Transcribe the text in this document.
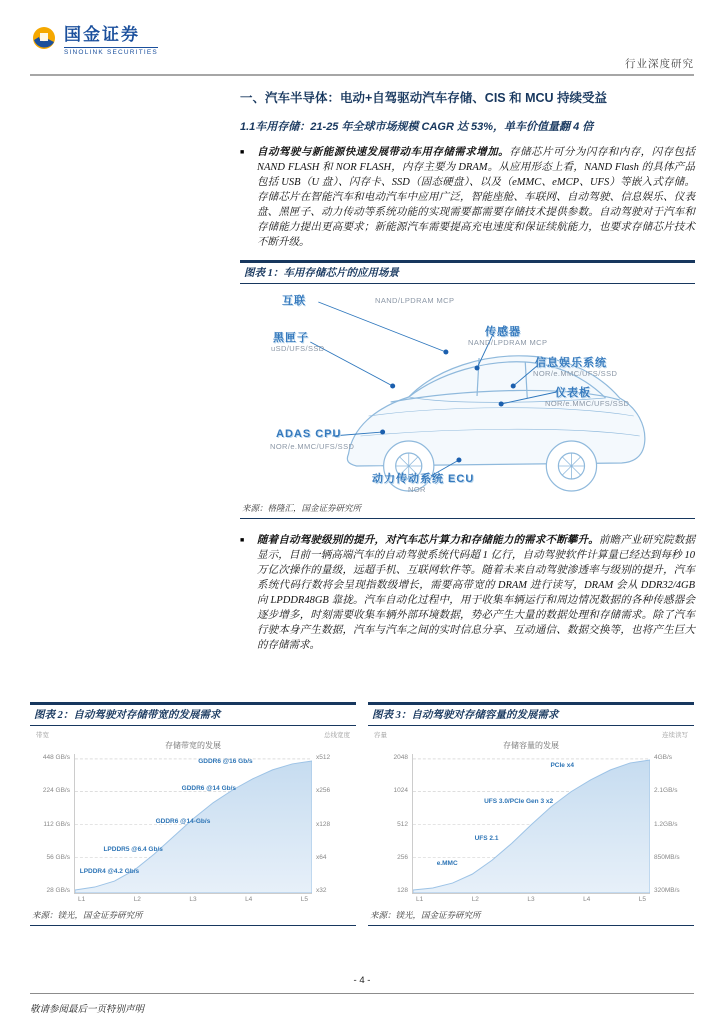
国金证券
SINOLINK SECURITIES
行业深度研究
一、汽车半导体：电动+自驾驱动汽车存储、CIS 和 MCU 持续受益
1.1车用存储：21-25 年全球市场规模 CAGR 达 53%，单车价值量翻 4 倍
■	自动驾驶与新能源快速发展带动车用存储需求增加。存储芯片可分为闪存和内存，闪存包括 NAND FLASH 和 NOR FLASH，内存主要为 DRAM。从应用形态上看，NAND Flash 的具体产品包括 USB（U 盘）、闪存卡、SSD（固态硬盘）、以及（eMMC、eMCP、UFS）等嵌入式存储。存储芯片在智能汽车和电动汽车中应用广泛，智能座舱、车联网、自动驾驶、信息娱乐、仪表盘、黑匣子、动力传动等系统功能的实现需要都需要存储技术提供参数。自动驾驶对于汽车和存储能力提出更高要求；新能源汽车需要提高充电速度和保证续航能力，也要求存储芯片技术不断升级。

图表 1：车用存储芯片的应用场景
互联	NAND/LPDRAM MCP
传感器
NAND/LPDRAM MCP
黑匣子
uSD/UFS/SSD
信息娱乐系统
NOR/e.MMC/UFS/SSD
仪表板
NOR/e.MMC/UFS/SSD
ADAS CPU
NOR/e.MMC/UFS/SSD
动力传动系统 ECU
NOR
来源：格隆汇，国金证券研究所
■	随着自动驾驶级别的提升，对汽车芯片算力和存储能力的需求不断攀升。前瞻产业研究院数据显示，目前一辆高端汽车的自动驾驶系统代码超 1 亿行，自动驾驶软件计算量已经达到每秒 10 万亿次操作的量级，远超手机、互联网软件等。随着未来自动驾驶渗透率与级别的提升，汽车系统代码行数将会呈现指数级增长，需要高带宽的 DRAM 进行读写，DRAM 会从 DDR32/4GB 向 LPDDR48GB 靠拢。汽车自动化过程中，用于收集车辆运行和周边情况数据的各种传感器会逐步增多，时刻需要收集车辆外部环境数据，势必产生大量的数据处理和存储需求。除了汽车行驶本身产生数据，汽车与汽车之间的实时信息分享、互动通信、数据交换等，也将产生巨大的存储需求。

图表 2：自动驾驶对存储带宽的发展需求
带宽	总线宽度
存储带宽的发展
448 GB/s
224 GB/s
112 GB/s
56 GB/s
28 GB/s
GDDR6 @16 Gb/s
GDDR6 @14 Gb/s
GDDR6 @14-Gb/s
LPDDR5 @6.4 Gb/s
LPDDR4 @4.2 Gb/s
x512
x256
x128
x64
x32
L1	L2	L3	L4	L5
来源：镁光，国金证券研究所
图表 3：自动驾驶对存储容量的发展需求
容量	连续读写
存储容量的发展
2048
1024
512
256
128
PCIe x4
UFS 3.0/PCIe Gen 3 x2
UFS 2.1
e.MMC
4GB/s
2.1GB/s
1.2GB/s
850MB/s
320MB/s
L1	L2	L3	L4	L5
来源：镁光，国金证券研究所
- 4 -
敬请参阅最后一页特别声明
